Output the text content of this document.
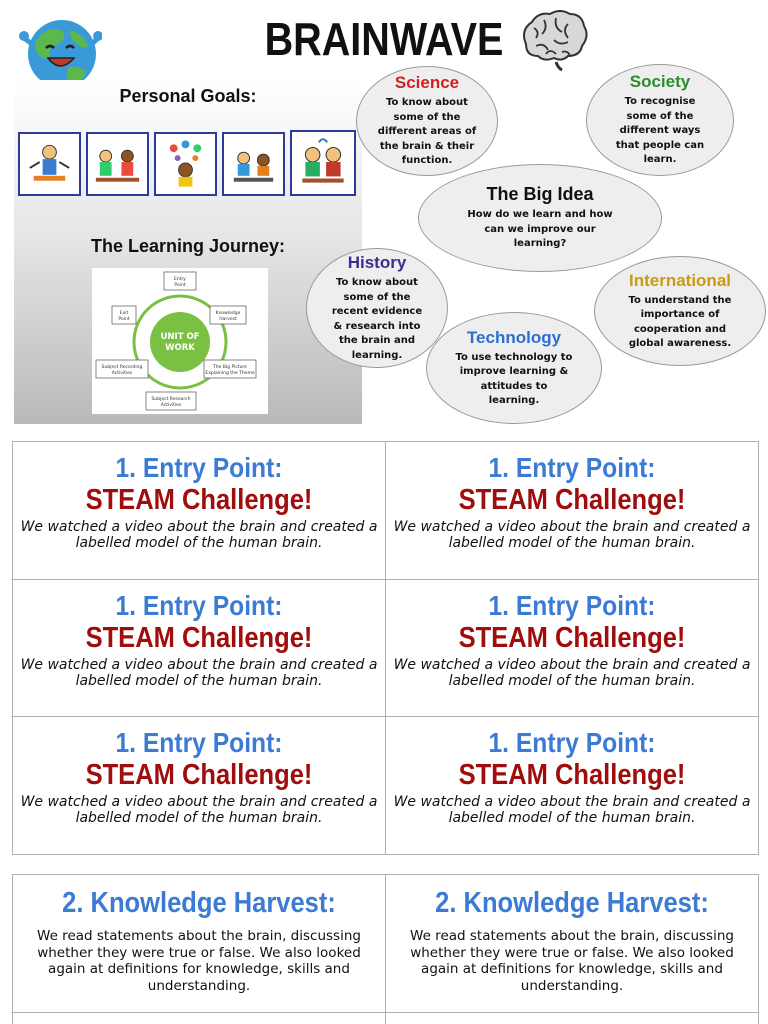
BRAINWAVE
Personal Goals:
The Learning Journey:
UNIT OF
WORK
Entry
Point
Knowledge
Harvest
The Big Picture
Explaining the Theme
Subject Research
Activities
Subject Recording
Activities
Exit
Point
Science
To know about some of the different areas of the brain & their function.
Society
To recognise some of the different ways that people can learn.
The Big Idea
How do we learn and how can we improve our learning?
History
To know about some of the recent evidence & research into the brain and learning.
International
To understand the importance of cooperation and global awareness.
Technology
To use technology to improve learning & attitudes to learning.
1. Entry Point:
STEAM Challenge!
We watched a video about the brain and created a labelled model of the human brain.
1. Entry Point:
STEAM Challenge!
We watched a video about the brain and created a labelled model of the human brain.
1. Entry Point:
STEAM Challenge!
We watched a video about the brain and created a labelled model of the human brain.
1. Entry Point:
STEAM Challenge!
We watched a video about the brain and created a labelled model of the human brain.
1. Entry Point:
STEAM Challenge!
We watched a video about the brain and created a labelled model of the human brain.
1. Entry Point:
STEAM Challenge!
We watched a video about the brain and created a labelled model of the human brain.
2. Knowledge Harvest:
We read statements about the brain, discussing whether they were true or false. We also looked again at definitions for knowledge, skills and understanding.
2. Knowledge Harvest:
We read statements about the brain, discussing whether they were true or false. We also looked again at definitions for knowledge, skills and understanding.
